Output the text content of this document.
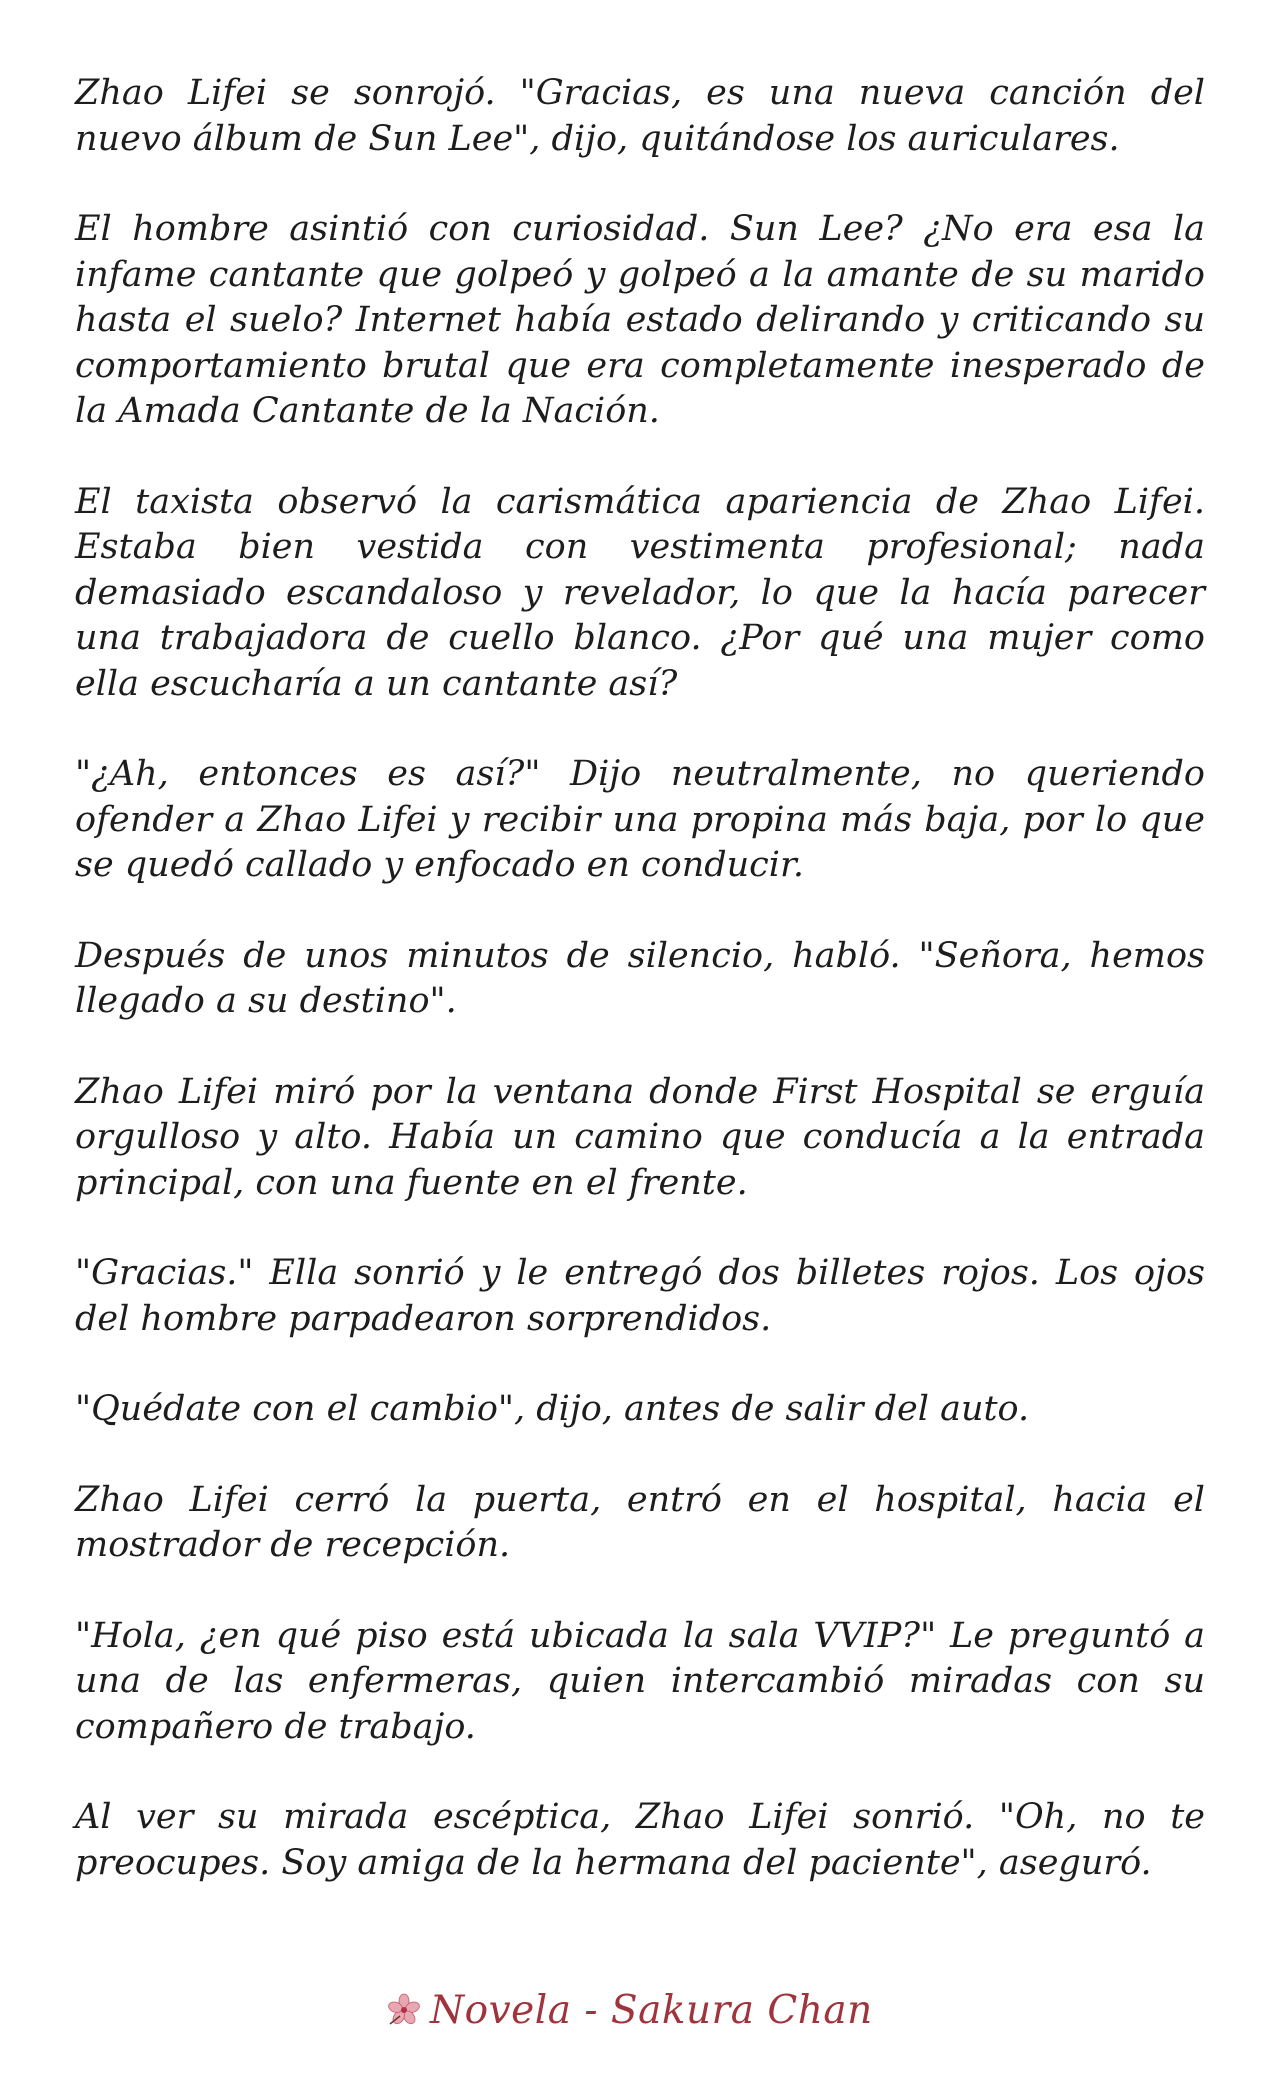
Zhao Lifei se sonrojó. "Gracias, es una nueva canción del nuevo álbum de Sun Lee", dijo, quitándose los auriculares.

El hombre asintió con curiosidad. Sun Lee? ¿No era esa la infame cantante que golpeó y golpeó a la amante de su marido hasta el suelo? Internet había estado delirando y criticando su comportamiento brutal que era completamente inesperado de la Amada Cantante de la Nación.

El taxista observó la carismática apariencia de Zhao Lifei. Estaba bien vestida con vestimenta profesional; nada demasiado escandaloso y revelador, lo que la hacía parecer una trabajadora de cuello blanco. ¿Por qué una mujer como ella escucharía a un cantante así?

"¿Ah, entonces es así?" Dijo neutralmente, no queriendo ofender a Zhao Lifei y recibir una propina más baja, por lo que se quedó callado y enfocado en conducir.

Después de unos minutos de silencio, habló. "Señora, hemos llegado a su destino".

Zhao Lifei miró por la ventana donde First Hospital se erguía orgulloso y alto. Había un camino que conducía a la entrada principal, con una fuente en el frente.

"Gracias." Ella sonrió y le entregó dos billetes rojos. Los ojos del hombre parpadearon sorprendidos.

"Quédate con el cambio", dijo, antes de salir del auto.

Zhao Lifei cerró la puerta, entró en el hospital, hacia el mostrador de recepción.

"Hola, ¿en qué piso está ubicada la sala VVIP?" Le preguntó a una de las enfermeras, quien intercambió miradas con su compañero de trabajo.

Al ver su mirada escéptica, Zhao Lifei sonrió. "Oh, no te preocupes. Soy amiga de la hermana del paciente", aseguró.

Novela - Sakura Chan
